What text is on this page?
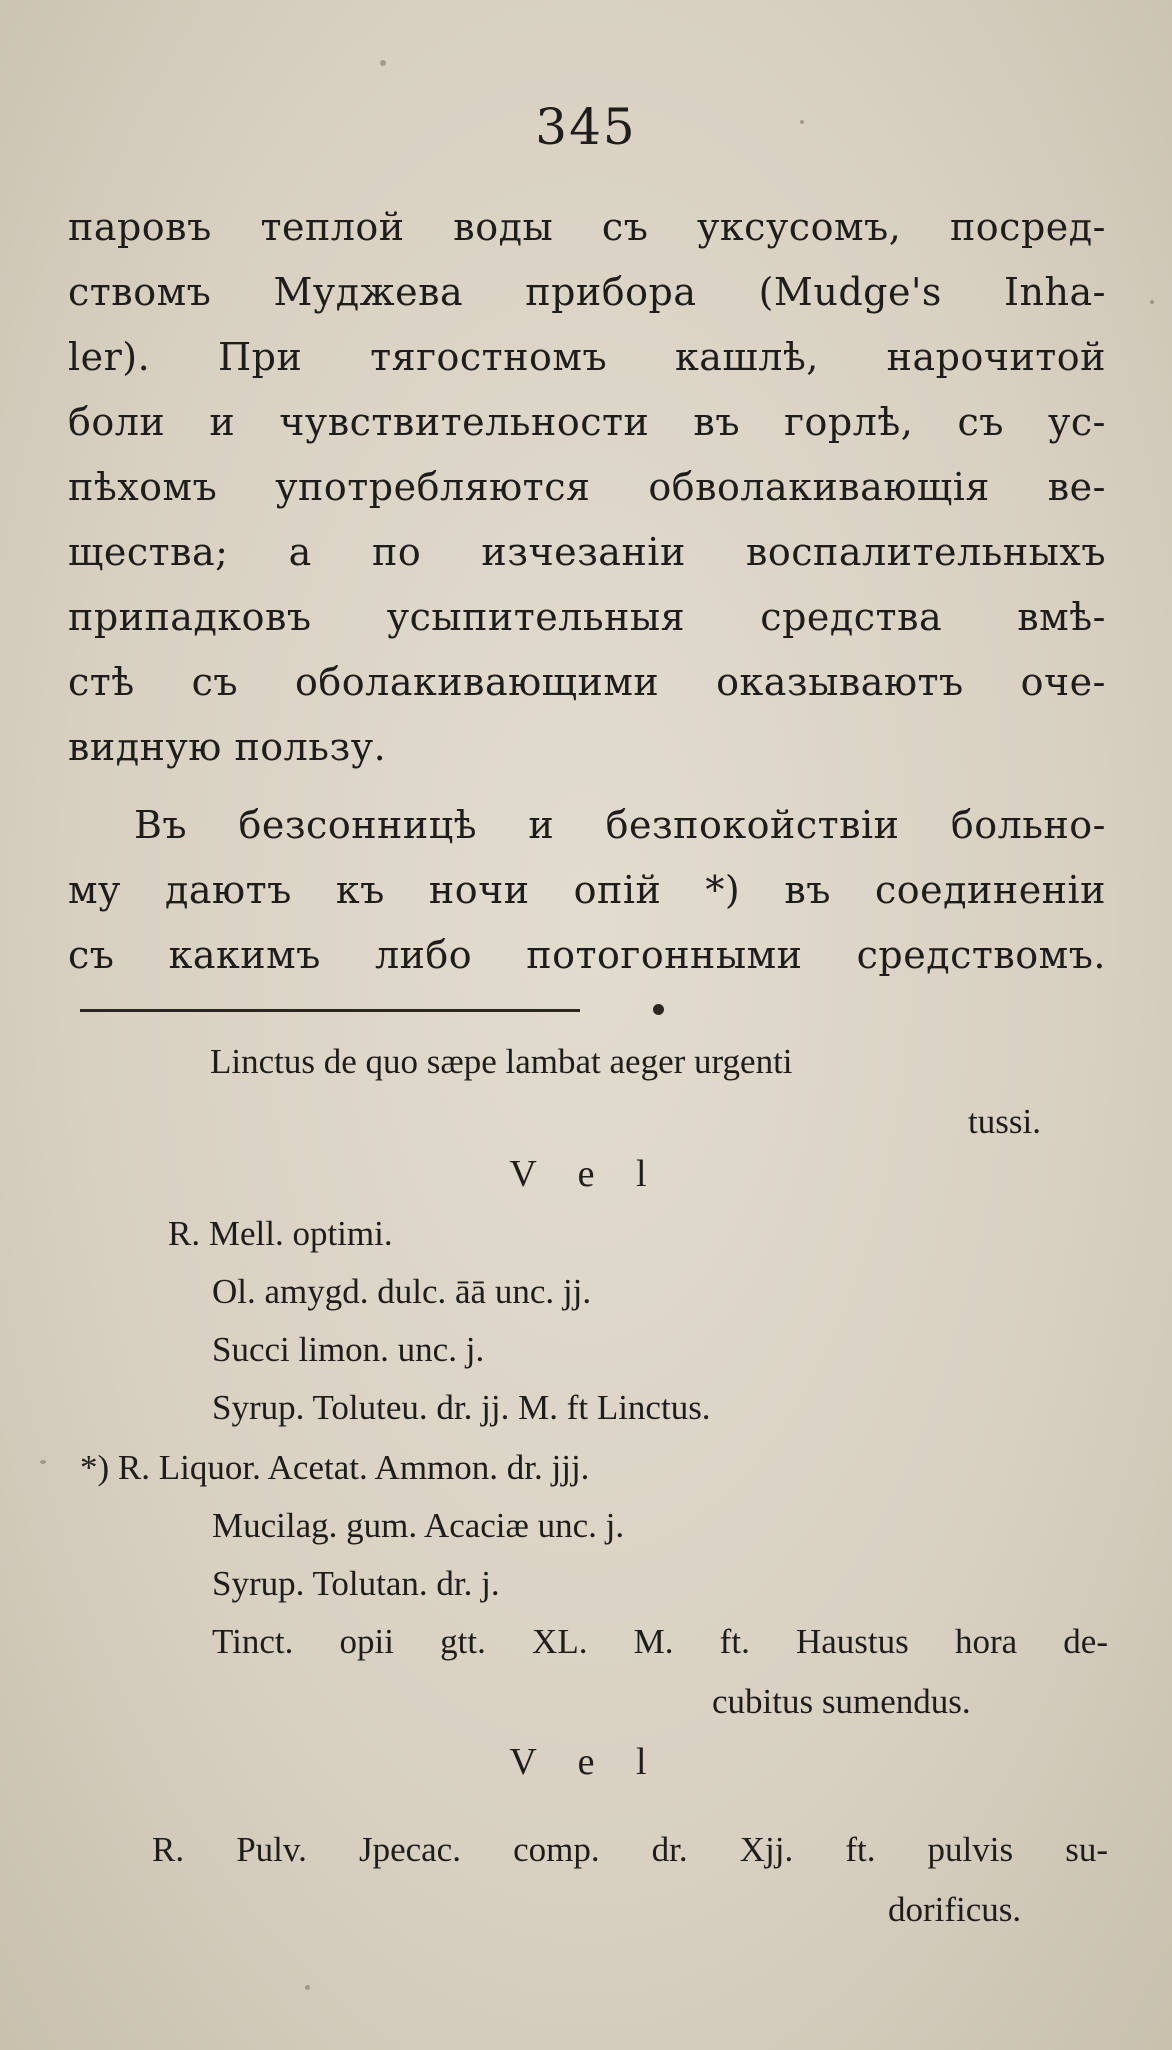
345
паровъ теплой воды съ уксусомъ, посред-
ствомъ Муджева прибора (Mudge's Inha-
ler). При тягостномъ кашлѣ, нарочитой
боли и чувствительности въ горлѣ, съ ус-
пѣхомъ употребляются обволакивающія ве-
щества; а по изчезаніи воспалительныхъ
припадковъ усыпительныя средства вмѣ-
стѣ съ оболакивающими оказываютъ оче-
видную пользу.
Въ безсонницѣ и безпокойствіи больно-
му даютъ къ ночи опій *) въ соединеніи
съ какимъ либо потогонными средствомъ.
Linctus de quo sæpe lambat aeger urgenti
tussi.
V e l
R. Mell. optimi.
Ol. amygd. dulc. āā unc. jj.
Succi limon. unc. j.
Syrup. Toluteu. dr. jj. M. ft Linctus.
*) R. Liquor. Acetat. Ammon. dr. jjj.
Mucilag. gum. Acaciæ unc. j.
Syrup. Tolutan. dr. j.
Tinct. opii gtt. XL. M. ft. Haustus hora de-
cubitus sumendus.
V e l
R. Pulv. Jpecac. comp. dr. Xjj. ft. pulvis su-
dorificus.
